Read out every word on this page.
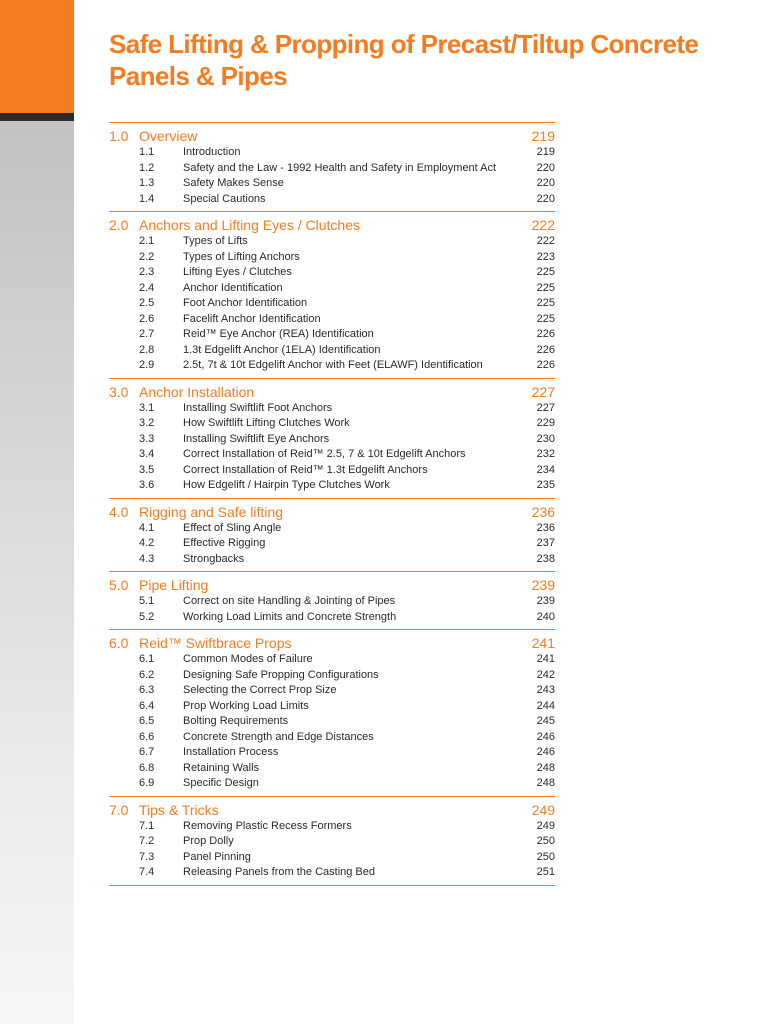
Safe Lifting & Propping of Precast/Tiltup Concrete Panels & Pipes
1.0 Overview	219
1.1	Introduction	219
1.2	Safety and the Law - 1992 Health and Safety in Employment Act	220
1.3	Safety Makes Sense	220
1.4	Special Cautions	220
2.0 Anchors and Lifting Eyes / Clutches	222
2.1	Types of Lifts	222
2.2	Types of Lifting Anchors	223
2.3	Lifting Eyes / Clutches	225
2.4	Anchor Identification	225
2.5	Foot Anchor Identification	225
2.6	Facelift Anchor Identification	225
2.7	Reid™ Eye Anchor (REA) Identification	226
2.8	1.3t Edgelift Anchor (1ELA) Identification	226
2.9	2.5t, 7t & 10t Edgelift Anchor with Feet (ELAWF) Identification	226
3.0 Anchor Installation	227
3.1	Installing Swiftlift Foot Anchors	227
3.2	How Swiftlift Lifting Clutches Work	229
3.3	Installing Swiftlift Eye Anchors	230
3.4	Correct Installation of Reid™ 2.5, 7 & 10t Edgelift Anchors	232
3.5	Correct Installation of Reid™ 1.3t Edgelift Anchors	234
3.6	How Edgelift / Hairpin Type Clutches Work	235
4.0 Rigging and Safe lifting	236
4.1	Effect of Sling Angle	236
4.2	Effective Rigging	237
4.3	Strongbacks	238
5.0 Pipe Lifting	239
5.1	Correct on site Handling & Jointing of Pipes	239
5.2	Working Load Limits and Concrete Strength	240
6.0 Reid™ Swiftbrace Props	241
6.1	Common Modes of Failure	241
6.2	Designing Safe Propping Configurations	242
6.3	Selecting the Correct Prop Size	243
6.4	Prop Working Load Limits	244
6.5	Bolting Requirements	245
6.6	Concrete Strength and Edge Distances	246
6.7	Installation Process	246
6.8	Retaining Walls	248
6.9	Specific Design	248
7.0 Tips & Tricks	249
7.1	Removing Plastic Recess Formers	249
7.2	Prop Dolly	250
7.3	Panel Pinning	250
7.4	Releasing Panels from the Casting Bed	251
